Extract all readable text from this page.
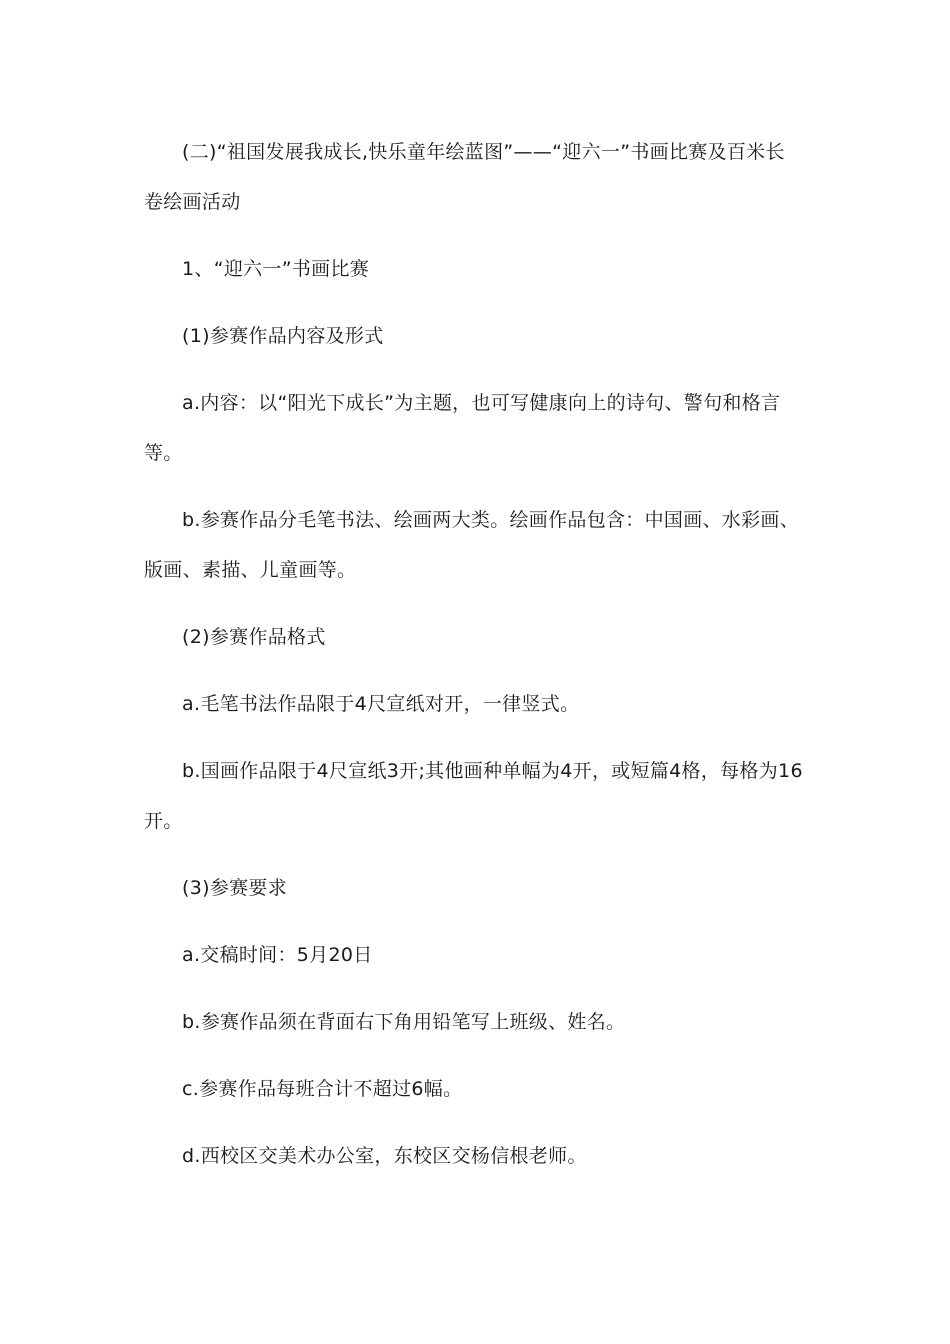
(二)“祖国发展我成长,快乐童年绘蓝图”——“迎六一”书画比赛及百米长卷绘画活动

1、“迎六一”书画比赛

(1)参赛作品内容及形式

a.内容：以“阳光下成长”为主题，也可写健康向上的诗句、警句和格言等。

b.参赛作品分毛笔书法、绘画两大类。绘画作品包含：中国画、水彩画、版画、素描、儿童画等。

(2)参赛作品格式

a.毛笔书法作品限于4尺宣纸对开，一律竖式。

b.国画作品限于4尺宣纸3开;其他画种单幅为4开，或短篇4格，每格为16开。

(3)参赛要求

a.交稿时间：5月20日

b.参赛作品须在背面右下角用铅笔写上班级、姓名。

c.参赛作品每班合计不超过6幅。

d.西校区交美术办公室，东校区交杨信根老师。
